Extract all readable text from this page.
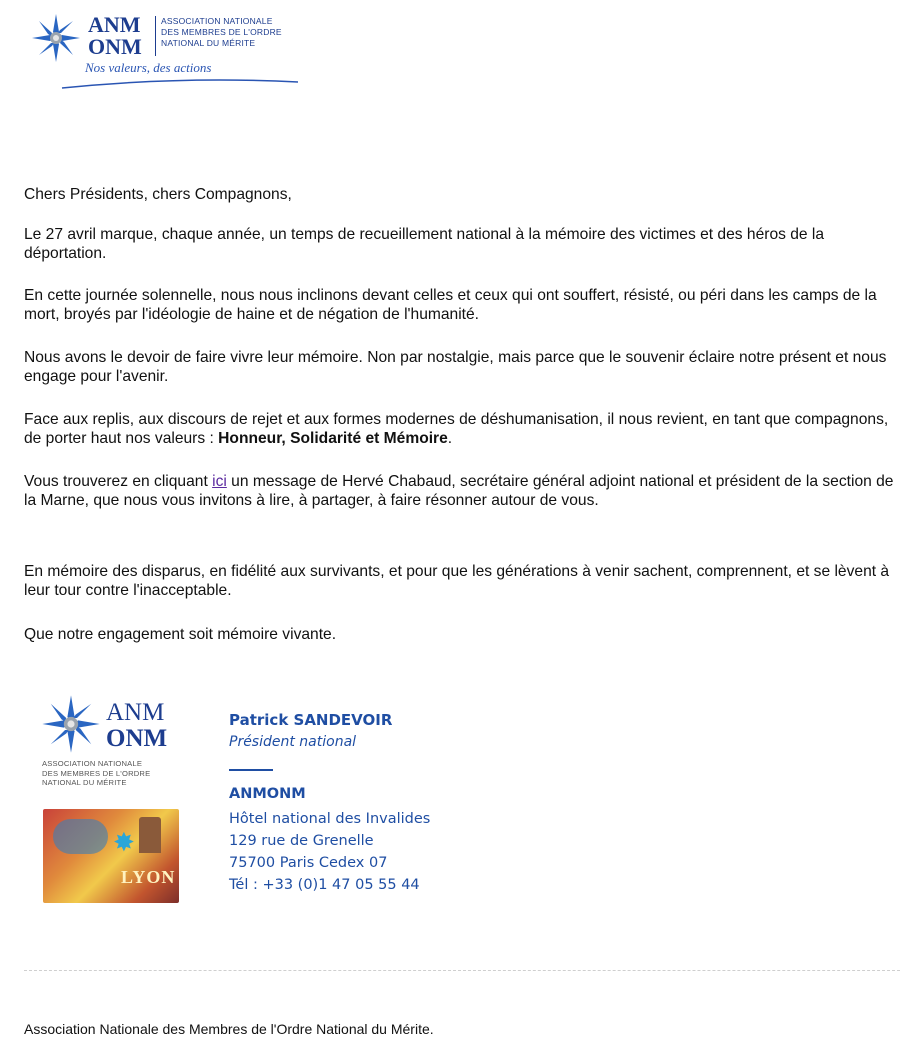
ANM
ONM
ASSOCIATION NATIONALE
DES MEMBRES DE L'ORDRE
NATIONAL DU MÉRITE
Nos valeurs, des actions
Chers Présidents, chers Compagnons,
Le 27 avril marque, chaque année, un temps de recueillement national à la mémoire des victimes et des héros de la déportation.
En cette journée solennelle, nous nous inclinons devant celles et ceux qui ont souffert, résisté, ou péri dans les camps de la mort, broyés par l'idéologie de haine et de négation de l'humanité.
Nous avons le devoir de faire vivre leur mémoire. Non par nostalgie, mais parce que le souvenir éclaire notre présent et nous engage pour l'avenir.
Face aux replis, aux discours de rejet et aux formes modernes de déshumanisation, il nous revient, en tant que compagnons, de porter haut nos valeurs : Honneur, Solidarité et Mémoire.
Vous trouverez en cliquant ici un message de Hervé Chabaud, secrétaire général adjoint national et président de la section de la Marne, que nous vous invitons à lire, à partager, à faire résonner autour de vous.
En mémoire des disparus, en fidélité aux survivants, et pour que les générations à venir sachent, comprennent, et se lèvent à leur tour contre l'inacceptable.
Que notre engagement soit mémoire vivante.
ANM
ONM
ASSOCIATION NATIONALE
DES MEMBRES DE L'ORDRE
NATIONAL DU MÉRITE
✸
LYON
Patrick SANDEVOIR
Président national
ANMONM
Hôtel national des Invalides
129 rue de Grenelle
75700 Paris Cedex 07
Tél : +33 (0)1 47 05 55 44
Association Nationale des Membres de l'Ordre National du Mérite.
